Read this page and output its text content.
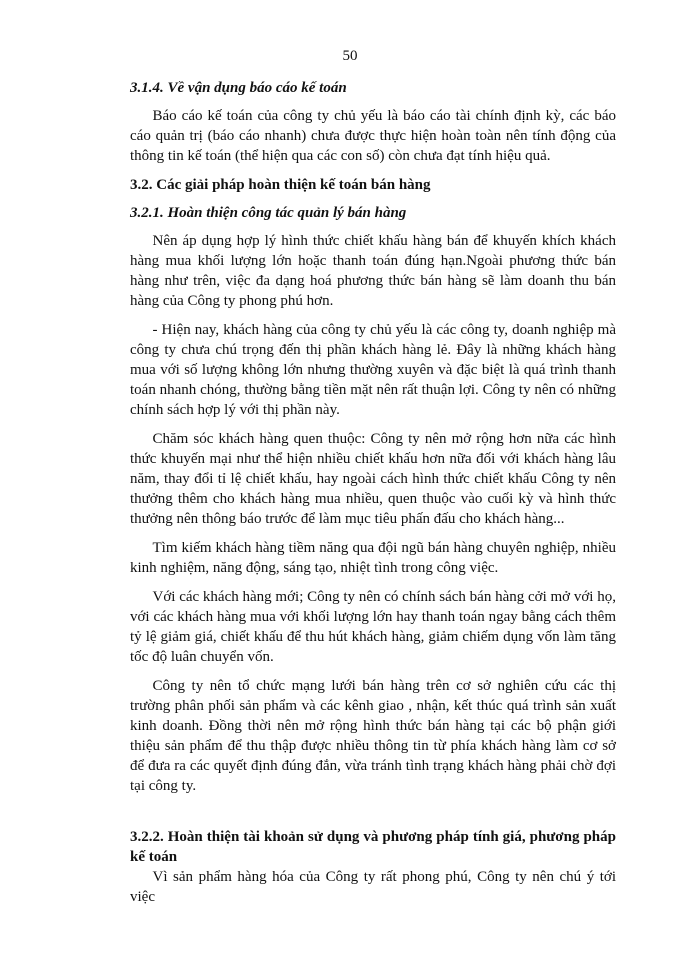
50
3.1.4. Về vận dụng báo cáo kế toán

Báo cáo kế toán của công ty chủ yếu là báo cáo tài chính định kỳ, các báo cáo quản trị (báo cáo nhanh) chưa được thực hiện hoàn toàn nên tính động của thông tin kế toán (thể hiện qua các con số) còn chưa đạt tính hiệu quả.

3.2. Các giải pháp hoàn thiện kế toán bán hàng
3.2.1. Hoàn thiện công tác quản lý bán hàng

Nên áp dụng hợp lý hình thức chiết khấu hàng bán để khuyến khích khách hàng mua khối lượng lớn hoặc thanh toán đúng hạn.Ngoài phương thức bán hàng như trên, việc đa dạng hoá phương thức bán hàng sẽ làm doanh thu bán hàng của Công ty phong phú hơn.

- Hiện nay, khách hàng của công ty chủ yếu là các công ty, doanh nghiệp mà công ty chưa chú trọng đến thị phần khách hàng lẻ. Đây là những khách hàng mua với số lượng không lớn nhưng thường xuyên và đặc biệt là quá trình thanh toán nhanh chóng, thường bằng tiền mặt nên rất thuận lợi. Công ty nên có những chính sách hợp lý với thị phần này.

Chăm sóc khách hàng quen thuộc: Công ty nên mở rộng hơn nữa các hình thức khuyến mại như thể hiện nhiều chiết khấu hơn nữa đối với khách hàng lâu năm, thay đổi tỉ lệ chiết khấu, hay ngoài cách hình thức chiết khấu Công ty nên thưởng thêm cho khách hàng mua nhiều, quen thuộc vào cuối kỳ và hình thức thưởng nên thông báo trước để làm mục tiêu phấn đấu cho khách hàng...

Tìm kiếm khách hàng tiềm năng qua đội ngũ bán hàng chuyên nghiệp, nhiều kinh nghiệm, năng động, sáng tạo, nhiệt tình trong công việc.

Với các khách hàng mới; Công ty nên có chính sách bán hàng cởi mở với họ, với các khách hàng mua với khối lượng lớn hay thanh toán ngay bằng cách thêm tỷ lệ giảm giá, chiết khấu để thu hút khách hàng, giảm chiếm dụng vốn làm tăng tốc độ luân chuyển vốn.

Công ty nên tổ chức mạng lưới bán hàng trên cơ sở nghiên cứu các thị trường phân phối sản phẩm và các kênh giao , nhận, kết thúc quá trình sản xuất kinh doanh. Đồng thời nên mở rộng hình thức bán hàng tại các bộ phận giới thiệu sản phẩm để thu thập được nhiều thông tin từ phía khách hàng làm cơ sở để đưa ra các quyết định đúng đắn, vừa tránh tình trạng khách hàng phải chờ đợi tại công ty.

3.2.2. Hoàn thiện tài khoản sử dụng và phương pháp tính giá, phương pháp kế toán

Vì sản phẩm hàng hóa của Công ty rất phong phú, Công ty nên chú ý tới việc
